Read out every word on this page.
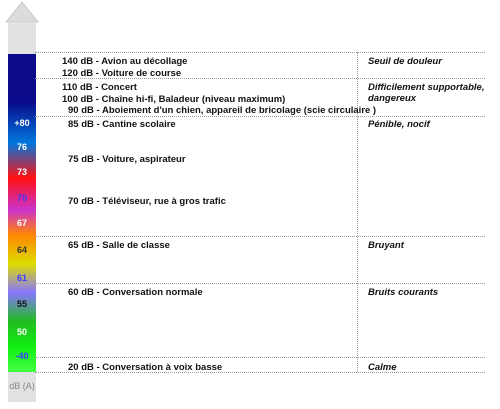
+80
76
73
70
67
64
61
55
50
-40
dB (A)
140 dB - Avion au décollage
120 dB - Voiture de course
110 dB - Concert
100 dB - Chaîne hi-fi, Baladeur (niveau maximum)
90 dB - Aboiement d'un chien, appareil de bricolage (scie circulaire )
85 dB - Cantine scolaire
75 dB - Voiture, aspirateur
70 dB - Téléviseur, rue à gros trafic
65 dB - Salle de classe
60 dB - Conversation normale
20 dB - Conversation à voix basse
Seuil de douleur
Difficilement supportable, dangereux
Pénible, nocif
Bruyant
Bruits courants
Calme
